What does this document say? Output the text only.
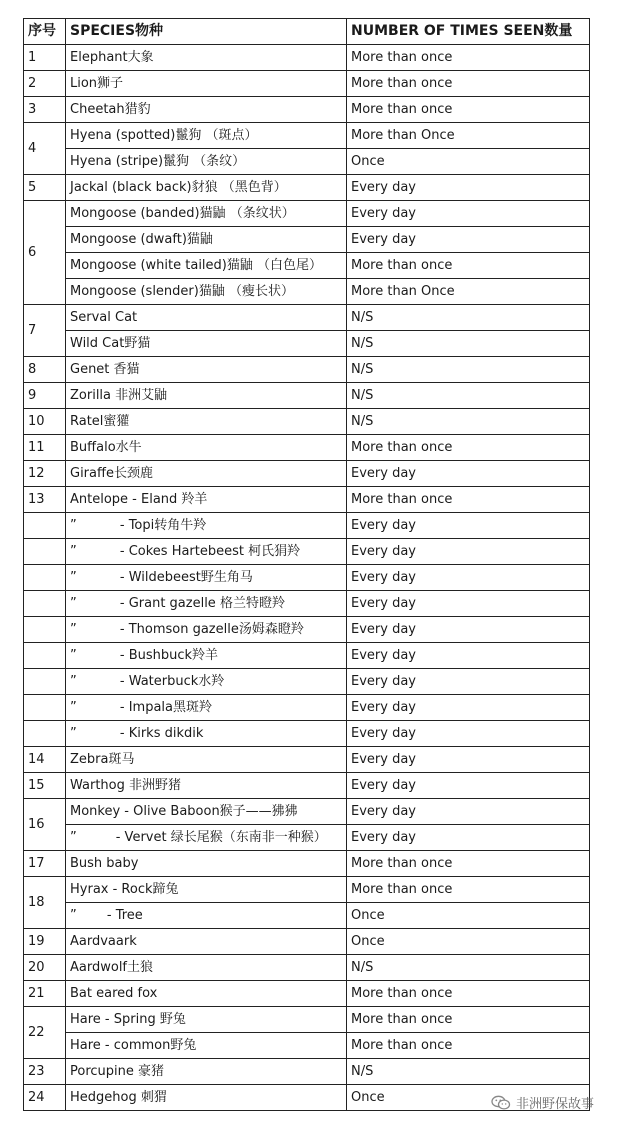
序号	SPECIES物种	NUMBER OF TIMES SEEN数量
1	Elephant大象	More than once
2	Lion狮子	More than once
3	Cheetah猎豹	More than once
4	Hyena (spotted)鬣狗 （斑点）	More than Once
	Hyena (stripe)鬣狗 （条纹）	Once
5	Jackal (black back)豺狼 （黑色背）	Every day
6	Mongoose (banded)猫鼬 （条纹状）	Every day
	Mongoose (dwaft)猫鼬	Every day
	Mongoose (white tailed)猫鼬 （白色尾）	More than once
	Mongoose (slender)猫鼬 （瘦长状）	More than Once
7	Serval Cat	N/S
	Wild Cat野猫	N/S
8	Genet 香猫	N/S
9	Zorilla 非洲艾鼬	N/S
10	Ratel蜜獾	N/S
11	Buffalo水牛	More than once
12	Giraffe长颈鹿	Every day
13	Antelope - Eland 羚羊	More than once
	”　　　 - Topi转角牛羚	Every day
	”　　　 - Cokes Hartebeest 柯氏狷羚	Every day
	”　　　 - Wildebeest野生角马	Every day
	”　　　 - Grant gazelle 格兰特瞪羚	Every day
	”　　　 - Thomson gazelle汤姆森瞪羚	Every day
	”　　　 - Bushbuck羚羊	Every day
	”　　　 - Waterbuck水羚	Every day
	”　　　 - Impala黑斑羚	Every day
	”　　　 - Kirks dikdik	Every day
14	Zebra斑马	Every day
15	Warthog 非洲野猪	Every day
16	Monkey - Olive Baboon猴子——狒狒	Every day
	”　　　- Vervet 绿长尾猴（东南非一种猴）	Every day
17	Bush baby	More than once
18	Hyrax - Rock蹄兔	More than once
	”　　 - Tree	Once
19	Aardvaark	Once
20	Aardwolf土狼	N/S
21	Bat eared fox	More than once
22	Hare - Spring 野兔	More than once
	Hare - common野兔	More than once
23	Porcupine 豪猪	N/S
24	Hedgehog 刺猬	Once	非洲野保故事
